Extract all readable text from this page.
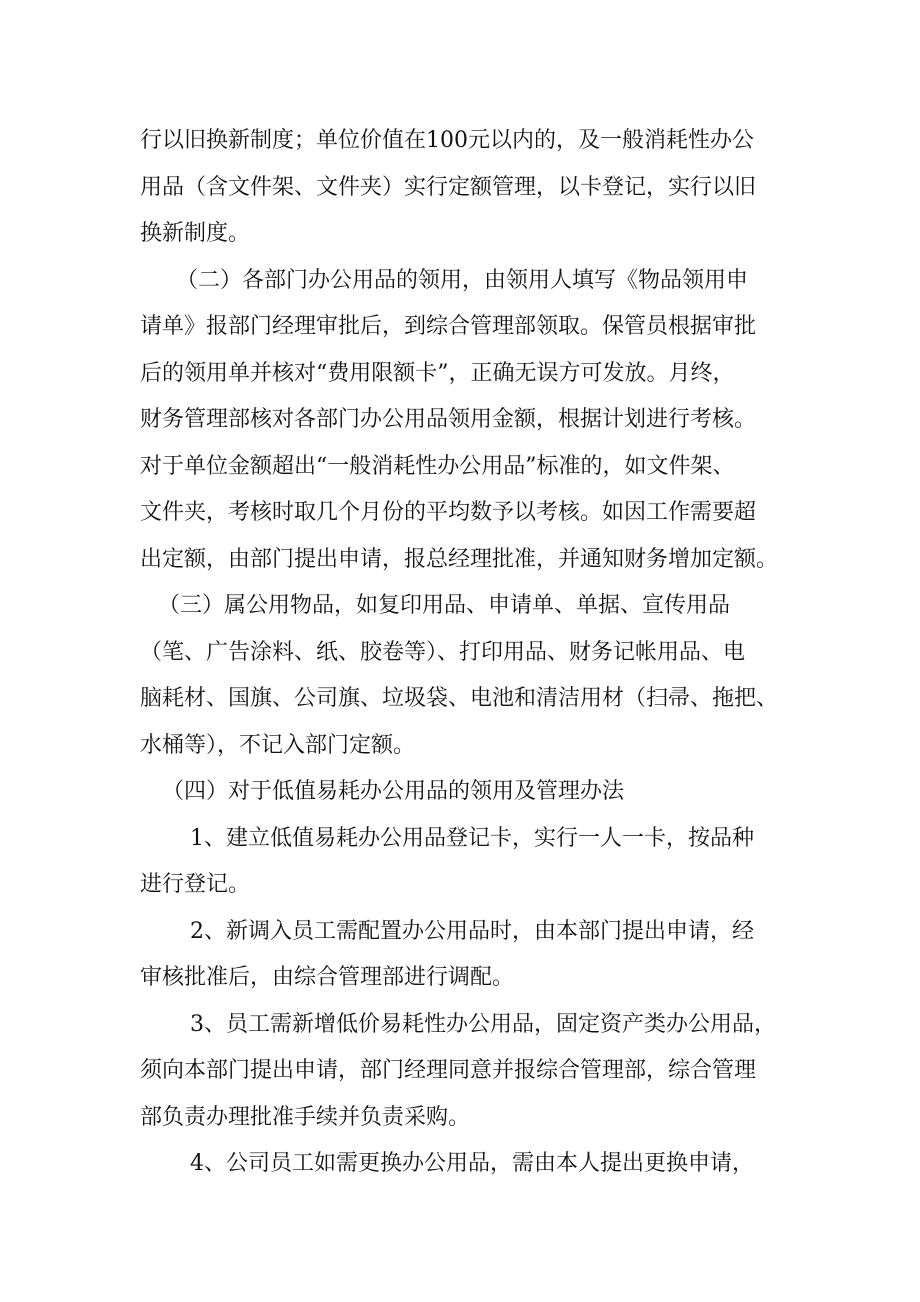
行以旧换新制度；单位价值在100元以内的，及一般消耗性办公
用品（含文件架、文件夹）实行定额管理，以卡登记，实行以旧
换新制度。
（二）各部门办公用品的领用，由领用人填写《物品领用申
请单》报部门经理审批后，到综合管理部领取。保管员根据审批
后的领用单并核对“费用限额卡”，正确无误方可发放。月终，
财务管理部核对各部门办公用品领用金额，根据计划进行考核。
对于单位金额超出“一般消耗性办公用品”标准的，如文件架、
文件夹，考核时取几个月份的平均数予以考核。如因工作需要超
出定额，由部门提出申请，报总经理批准，并通知财务增加定额。
（三）属公用物品，如复印用品、申请单、单据、宣传用品
（笔、广告涂料、纸、胶卷等）、打印用品、财务记帐用品、电
脑耗材、国旗、公司旗、垃圾袋、电池和清洁用材（扫帚、拖把、
水桶等），不记入部门定额。
（四）对于低值易耗办公用品的领用及管理办法
1、建立低值易耗办公用品登记卡，实行一人一卡，按品种
进行登记。
2、新调入员工需配置办公用品时，由本部门提出申请，经
审核批准后，由综合管理部进行调配。
3、员工需新增低价易耗性办公用品，固定资产类办公用品，
须向本部门提出申请，部门经理同意并报综合管理部，综合管理
部负责办理批准手续并负责采购。
4、公司员工如需更换办公用品，需由本人提出更换申请，
